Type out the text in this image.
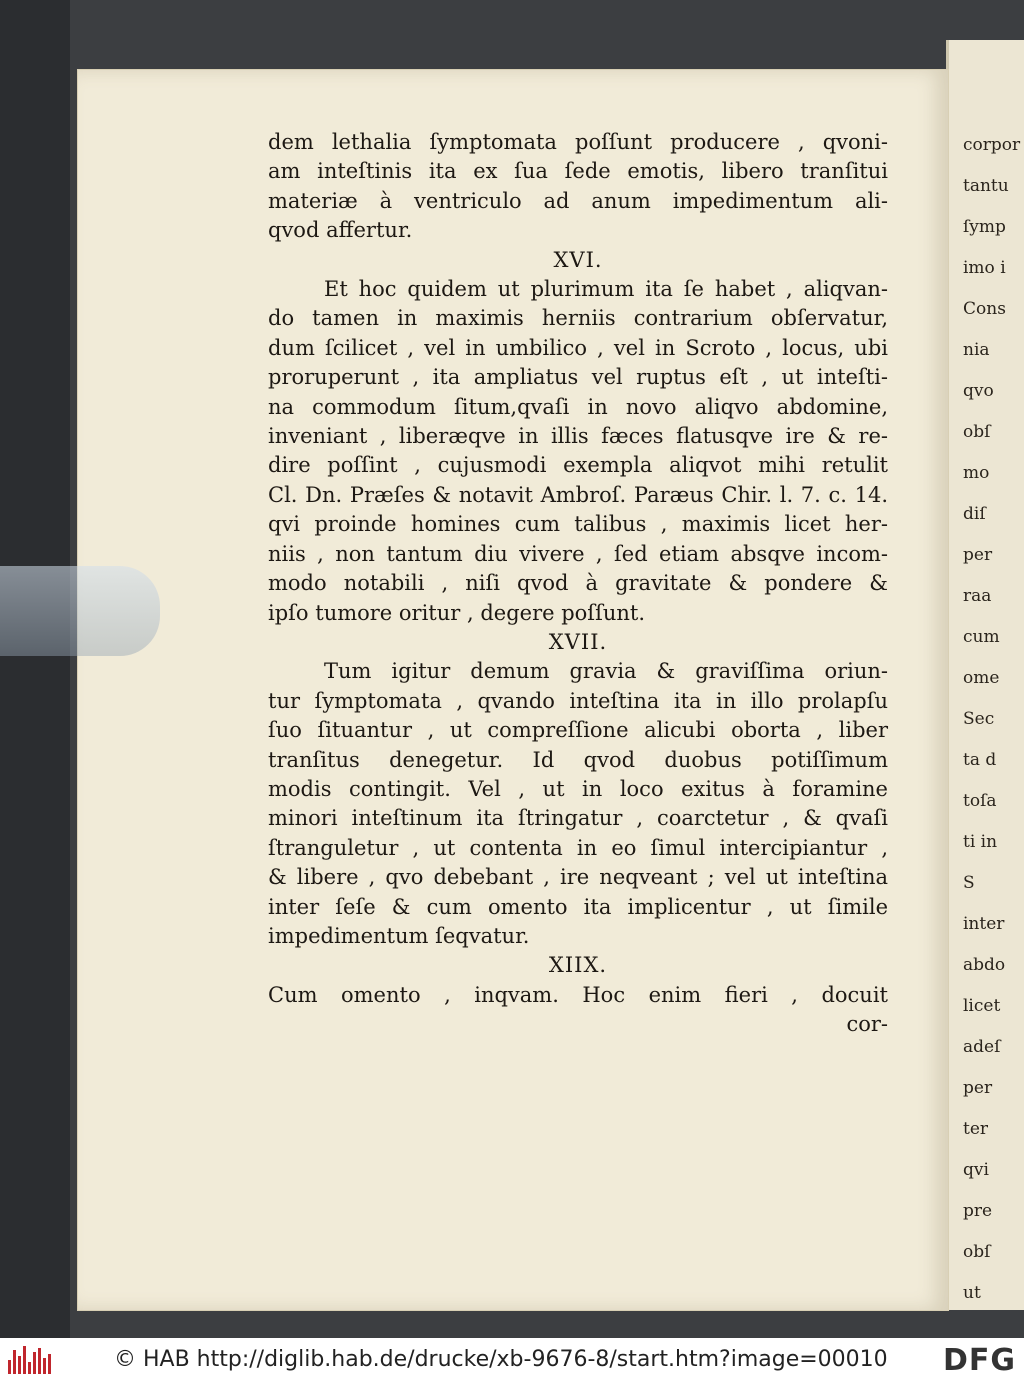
corpor
tantu
ſymp
imo i
Cons
nia
qvo
obſ
mo
diſ
per
raa
cum
ome
Sec
ta d
toſa
ti in
S
inter
abdo
licet
adeſ
per
ter
qvi
pre
obſ
ut
dem lethalia ſymptomata poſſunt producere , qvoni-
am inteſtinis ita ex ſua ſede emotis, libero tranſitui
materiæ à ventriculo ad anum impedimentum ali-
qvod affertur.
XVI.
Et hoc quidem ut plurimum ita ſe habet , aliqvan-
do tamen in maximis herniis contrarium obſervatur,
dum ſcilicet , vel in umbilico , vel in Scroto , locus, ubi
proruperunt , ita ampliatus vel ruptus eſt , ut inteſti-
na commodum ſitum,qvaſi in novo aliqvo abdomine,
inveniant , liberæqve in illis fæces flatusqve ire & re-
dire poſſint , cujusmodi exempla aliqvot mihi retulit
Cl. Dn. Præſes & notavit Ambroſ. Paræus Chir. l. 7. c. 14.
qvi proinde homines cum talibus , maximis licet her-
niis , non tantum diu vivere , ſed etiam absqve incom-
modo notabili , niſi qvod à gravitate & pondere &
ipſo tumore oritur , degere poſſunt.
XVII.
Tum igitur demum gravia & graviſſima oriun-
tur ſymptomata , qvando inteſtina ita in illo prolapſu
ſuo ſituantur , ut compreſſione alicubi oborta , liber
tranſitus denegetur. Id qvod duobus potiſſimum
modis contingit. Vel , ut in loco exitus à foramine
minori inteſtinum ita ſtringatur , coarctetur , & qvaſi
ſtranguletur , ut contenta in eo ſimul intercipiantur ,
& libere , qvo debebant , ire neqveant ; vel ut inteſtina
inter ſeſe & cum omento ita implicentur , ut ſimile
impedimentum ſeqvatur.
XIIX.
Cum omento , inqvam. Hoc enim fieri , docuit
cor-
© HAB http://diglib.hab.de/drucke/xb-9676-8/start.htm?image=00010 DFG
